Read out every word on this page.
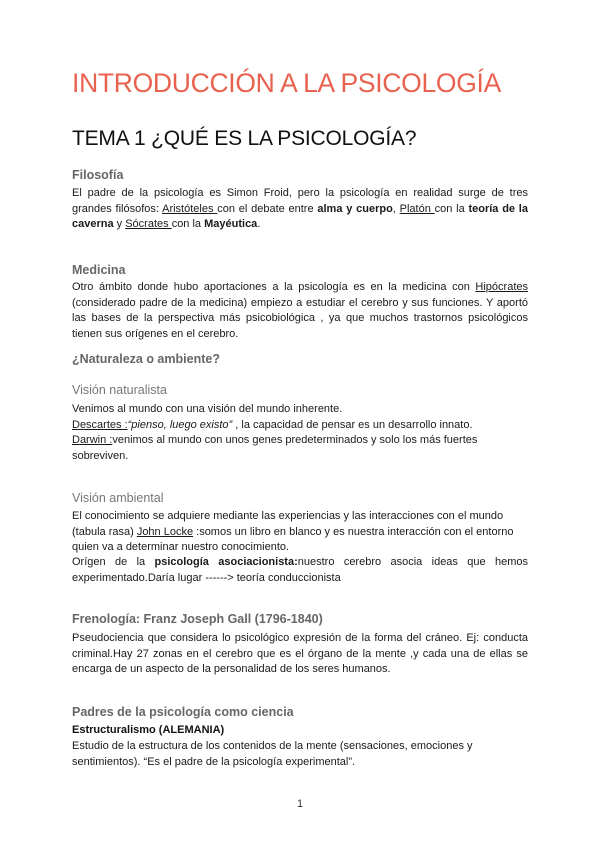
INTRODUCCIÓN A LA PSICOLOGÍA
TEMA 1 ¿QUÉ ES LA PSICOLOGÍA?
Filosofía

El padre de la psicología es Simon Froid, pero la psicología en realidad surge de tres grandes filósofos: Aristóteles con el debate entre alma y cuerpo, Platón con la teoría de la caverna y Sócrates con la Mayéutica.

Medicina

Otro ámbito donde hubo aportaciones a la psicología es en la medicina con Hipócrates (considerado padre de la medicina) empiezo a estudiar el cerebro y sus funciones. Y aportó las bases de la perspectiva más psicobiológica , ya que muchos trastornos psicológicos tienen sus orígenes en el cerebro.

¿Naturaleza o ambiente?
Visión naturalista

Venimos al mundo con una visión del mundo inherente.
Descartes :“pienso, luego existo” , la capacidad de pensar es un desarrollo innato.
Darwin :venimos al mundo con unos genes predeterminados y solo los más fuertes sobreviven.

Visión ambiental

El conocimiento se adquiere mediante las experiencias y las interacciones con el mundo (tabula rasa) John Locke :somos un libro en blanco y es nuestra interacción con el entorno quien va a determinar nuestro conocimiento.

Orígen de la psicología asociacionista:nuestro cerebro asocia ideas que hemos experimentado.Daría lugar ------> teoría conduccionista

Frenología: Franz Joseph Gall (1796-1840)

Pseudociencia que considera lo psicológico expresión de la forma del cráneo. Ej: conducta criminal.Hay 27 zonas en el cerebro que es el órgano de la mente ,y cada una de ellas se encarga de un aspecto de la personalidad de los seres humanos.

Padres de la psicología como ciencia

Estructuralismo (ALEMANIA)

Estudio de la estructura de los contenidos de la mente (sensaciones, emociones y sentimientos). “Es el padre de la psicología experimental”.

1
